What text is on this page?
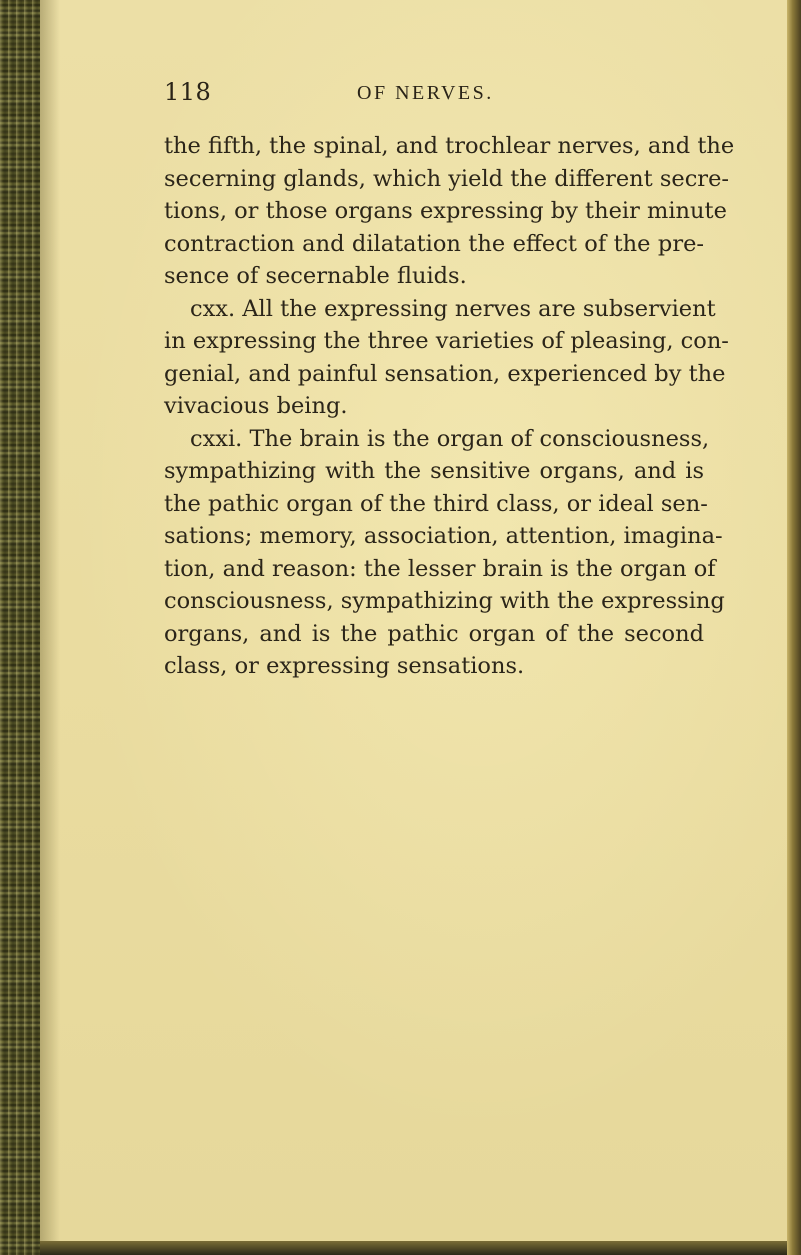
118	OF NERVES.
the fifth, the spinal, and trochlear nerves, and the
secerning glands, which yield the different secre-
tions, or those organs expressing by their minute
contraction and dilatation the effect of the pre-
sence of secernable fluids.
cxx. All the expressing nerves are subservient
in expressing the three varieties of pleasing, con-
genial, and painful sensation, experienced by the
vivacious being.
cxxi. The brain is the organ of consciousness,
sympathizing with the sensitive organs, and is
the pathic organ of the third class, or ideal sen-
sations; memory, association, attention, imagina-
tion, and reason: the lesser brain is the organ of
consciousness, sympathizing with the expressing
organs, and is the pathic organ of the second
class, or expressing sensations.
